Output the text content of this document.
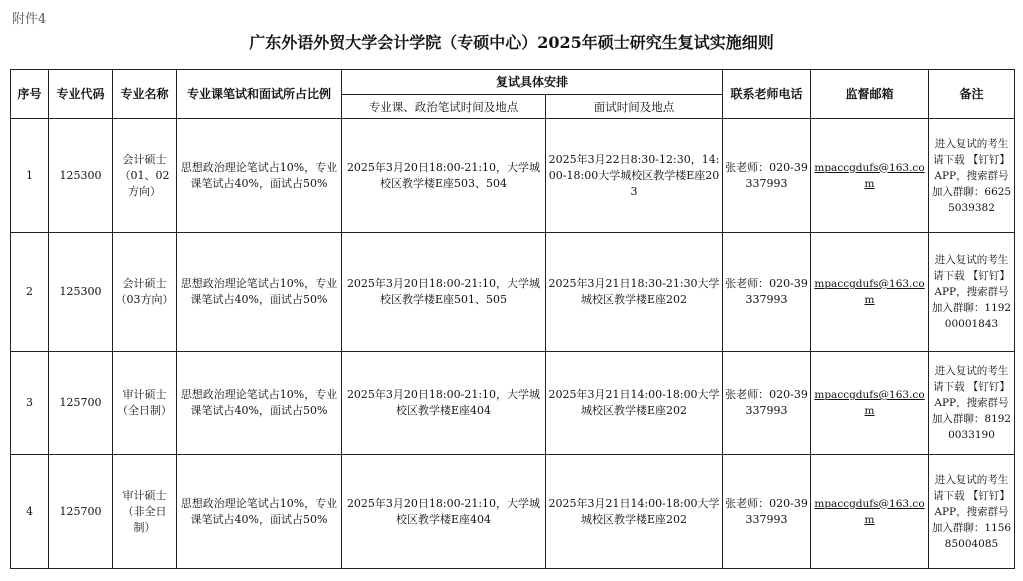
附件4
广东外语外贸大学会计学院（专硕中心）2025年硕士研究生复试实施细则
序号	专业代码	专业名称	专业课笔试和面试所占比例	复试具体安排		联系老师电话	监督邮箱	备注
				专业课、政治笔试时间及地点	面试时间及地点			
1	125300	会计硕士（01、02方向）	思想政治理论笔试占10%，专业课笔试占40%，面试占50%	2025年3月20日18:00-21:10，大学城校区教学楼E座503、504	2025年3月22日8:30-12:30，14:00-18:00大学城校区教学楼E座203	张老师：020-39337993	mpaccgdufs@163.com	进入复试的考生请下载 【钉钉】APP，搜索群号加入群聊：66255039382
2	125300	会计硕士（03方向）	思想政治理论笔试占10%，专业课笔试占40%，面试占50%	2025年3月20日18:00-21:10，大学城校区教学楼E座501、505	2025年3月21日18:30-21:30大学城校区教学楼E座202	张老师：020-39337993	mpaccgdufs@163.com	进入复试的考生请下载 【钉钉】APP，搜索群号加入群聊：119200001843
3	125700	审计硕士（全日制）	思想政治理论笔试占10%，专业课笔试占40%，面试占50%	2025年3月20日18:00-21:10，大学城校区教学楼E座404	2025年3月21日14:00-18:00大学城校区教学楼E座202	张老师：020-39337993	mpaccgdufs@163.com	进入复试的考生请下载 【钉钉】APP，搜索群号加入群聊：81920033190
4	125700	审计硕士（非全日制）	思想政治理论笔试占10%，专业课笔试占40%，面试占50%	2025年3月20日18:00-21:10，大学城校区教学楼E座404	2025年3月21日14:00-18:00大学城校区教学楼E座202	张老师：020-39337993	mpaccgdufs@163.com	进入复试的考生请下载 【钉钉】APP，搜索群号加入群聊：115685004085
